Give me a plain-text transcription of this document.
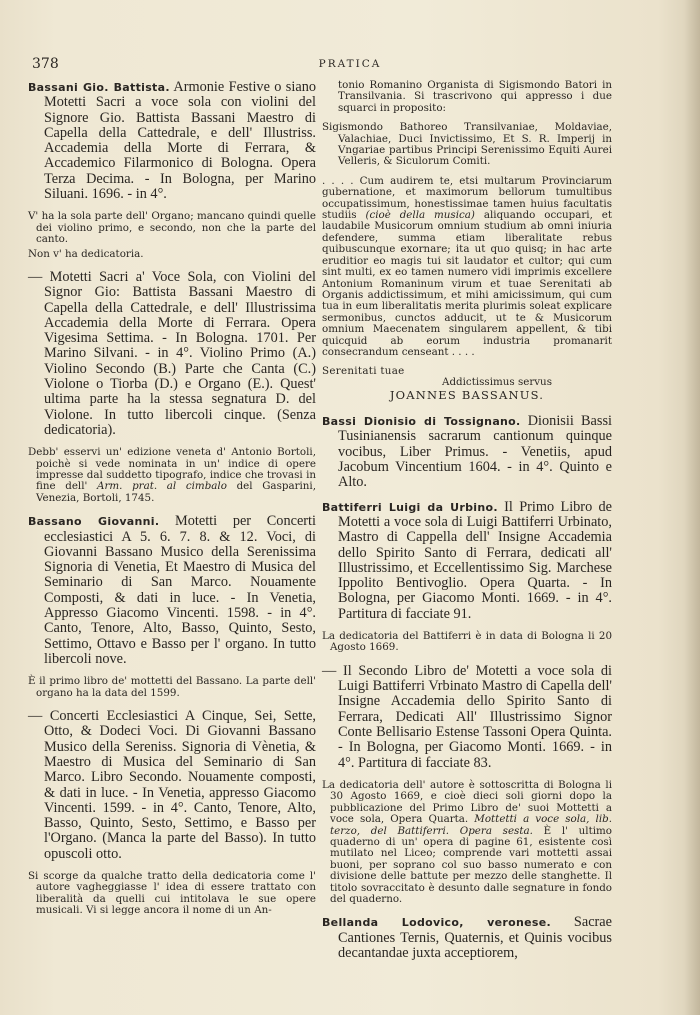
378	PRATICA

Bassani Gio. Battista. Armonie Festive o siano Motetti Sacri a voce sola con violini del Signore Gio. Battista Bassani Maestro di Capella della Cattedrale, e dell' Illustriss. Accademia della Morte di Ferrara, & Accademico Filarmonico di Bologna. Opera Terza Decima. - In Bologna, per Marino Siluani. 1696. - in 4°.

V' ha la sola parte dell' Organo; mancano quindi quelle dei violino primo, e secondo, non che la parte del canto.

Non v' ha dedicatoria.

— Motetti Sacri a' Voce Sola, con Violini del Signor Gio: Battista Bassani Maestro di Capella della Cattedrale, e dell' Illustrissima Accademia della Morte di Ferrara. Opera Vigesima Settima. - In Bologna. 1701. Per Marino Silvani. - in 4°. Violino Primo (A.) Violino Secondo (B.) Parte che Canta (C.) Violone o Tiorba (D.) e Organo (E.). Quest' ultima parte ha la stessa segnatura D. del Violone. In tutto libercoli cinque. (Senza dedicatoria).

Debb' esservi un' edizione veneta d' Antonio Bortoli, poichè si vede nominata in un' indice di opere impresse dal suddetto tipografo, indice che trovasi in fine dell' Arm. prat. al cimbalo del Gasparini, Venezia, Bortoli, 1745.

Bassano Giovanni. Motetti per Concerti ecclesiastici A 5. 6. 7. 8. & 12. Voci, di Giovanni Bassano Musico della Serenissima Signoria di Venetia, Et Maestro di Musica del Seminario di San Marco. Nouamente Composti, & dati in luce. - In Venetia, Appresso Giacomo Vincenti. 1598. - in 4°. Canto, Tenore, Alto, Basso, Quinto, Sesto, Settimo, Ottavo e Basso per l' organo. In tutto libercoli nove.

È il primo libro de' mottetti del Bassano. La parte dell' organo ha la data del 1599.

— Concerti Ecclesiastici A Cinque, Sei, Sette, Otto, & Dodeci Voci. Di Giovanni Bassano Musico della Sereniss. Signoria di Vènetia, & Maestro di Musica del Seminario di San Marco. Libro Secondo. Nouamente composti, & dati in luce. - In Venetia, appresso Giacomo Vincenti. 1599. - in 4°. Canto, Tenore, Alto, Basso, Quinto, Sesto, Settimo, e Basso per l'Organo. (Manca la parte del Basso). In tutto opuscoli otto.

Si scorge da qualche tratto della dedicatoria come l' autore vagheggiasse l' idea di essere trattato con liberalità da quelli cui intitolava le sue opere musicali. Vi si legge ancora il nome di un An-

tonio Romanino Organista di Sigismondo Batori in Transilvania. Si trascrivono qui appresso i due squarci in proposito:

Sigismondo Bathoreo Transilvaniae, Moldaviae, Valachiae, Duci Invictissimo, Et S. R. Imperij in Vngariae partibus Principi Serenissimo Equiti Aurei Velleris, & Siculorum Comiti.

. . . . Cum audirem te, etsi multarum Provinciarum gubernatione, et maximorum bellorum tumultibus occupatissimum, honestissimae tamen huius facultatis studiis (cioè della musica) aliquando occupari, et laudabile Musicorum omnium studium ab omni iniuria defendere, summa etiam liberalitate rebus quibuscunque exornare; ita ut quo quisq; in hac arte eruditior eo magis tui sit laudator et cultor; qui cum sint multi, ex eo tamen numero vidi imprimis excellere Antonium Romaninum virum et tuae Serenitati ab Organis addictissimum, et mihi amicissimum, qui cum tua in eum liberalitatis merita plurimis soleat explicare sermonibus, cunctos adducit, ut te & Musicorum omnium Maecenatem singularem appellent, & tibi quicquid ab eorum industria promanarit consecrandum censeant . . . .

Serenitati tuae

Addictissimus servus

JOANNES BASSANUS.

Bassi Dionisio di Tossignano. Dionisii Bassi Tusinianensis sacrarum cantionum quinque vocibus, Liber Primus. - Venetiis, apud Jacobum Vincentium 1604. - in 4°. Quinto e Alto.

Battiferri Luigi da Urbino. Il Primo Libro de Motetti a voce sola di Luigi Battiferri Urbinato, Mastro di Cappella dell' Insigne Accademia dello Spirito Santo di Ferrara, dedicati all' Illustrissimo, et Eccellentissimo Sig. Marchese Ippolito Bentivoglio. Opera Quarta. - In Bologna, per Giacomo Monti. 1669. - in 4°. Partitura di facciate 91.

La dedicatoria del Battiferri è in data di Bologna li 20 Agosto 1669.

— Il Secondo Libro de' Motetti a voce sola di Luigi Battiferri Vrbinato Mastro di Capella dell' Insigne Accademia dello Spirito Santo di Ferrara, Dedicati All' Illustrissimo Signor Conte Bellisario Estense Tassoni Opera Quinta. - In Bologna, per Giacomo Monti. 1669. - in 4°. Partitura di facciate 83.

La dedicatoria dell' autore è sottoscritta di Bologna li 30 Agosto 1669, e cioè dieci soli giorni dopo la pubblicazione del Primo Libro de' suoi Mottetti a voce sola, Opera Quarta. Mottetti a voce sola, lib. terzo, del Battiferri. Opera sesta. È l' ultimo quaderno di un' opera di pagine 61, esistente così mutilato nel Liceo; comprende vari mottetti assai buoni, per soprano col suo basso numerato e con divisione delle battute per mezzo delle stanghette. Il titolo sovraccitato è desunto dalle segnature in fondo del quaderno.

Bellanda Lodovico, veronese. Sacrae Cantiones Ternis, Quaternis, et Quinis vocibus decantandae juxta acceptiorem,
